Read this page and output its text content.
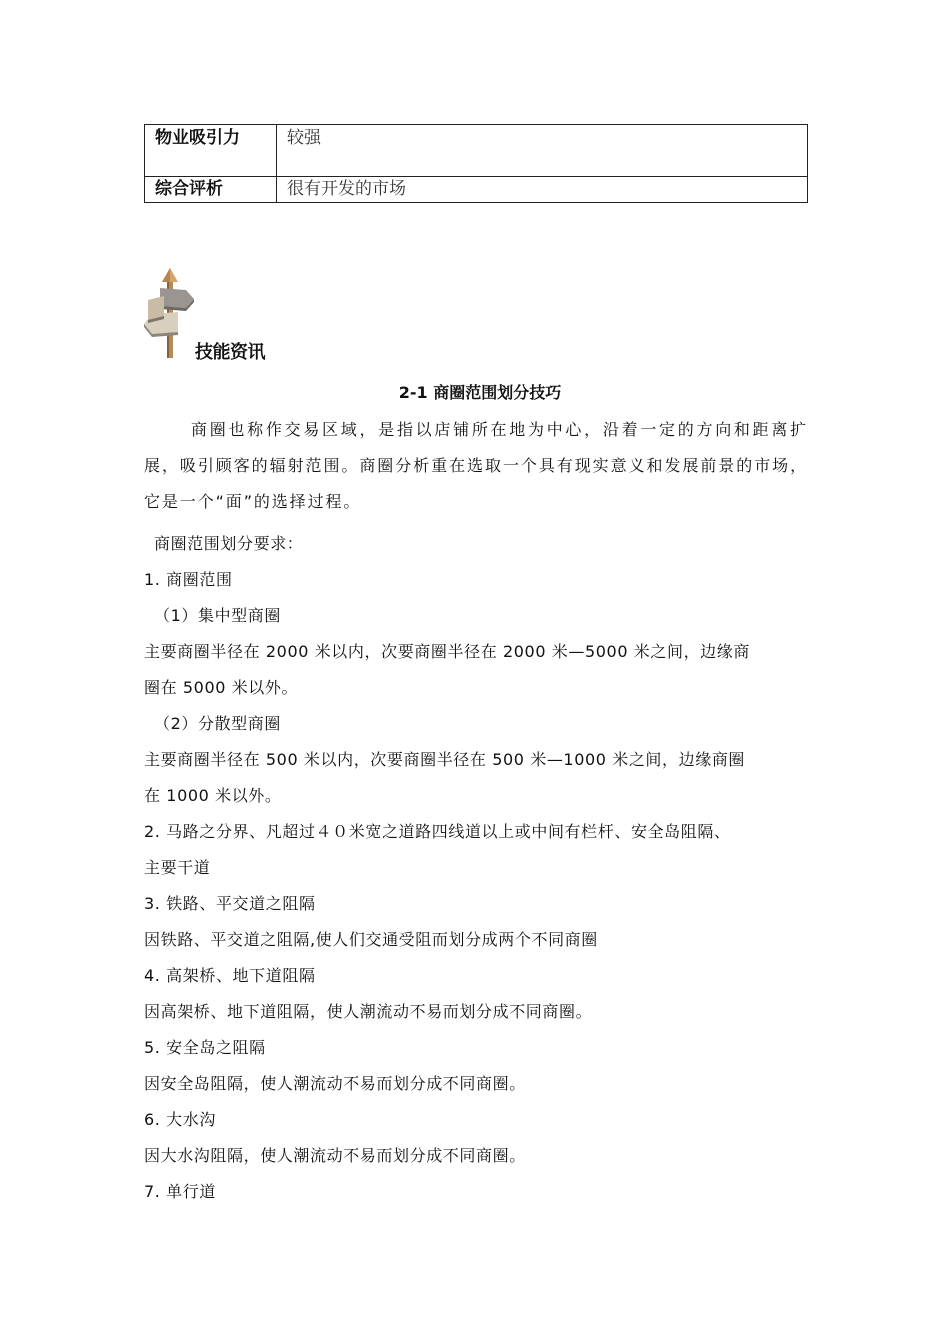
物业吸引力	较强
综合评析	很有开发的市场
技能资讯
2-1 商圈范围划分技巧
商圈也称作交易区域，是指以店铺所在地为中心，沿着一定的方向和距离扩展，吸引顾客的辐射范围。商圈分析重在选取一个具有现实意义和发展前景的市场，它是一个“面”的选择过程。
商圈范围划分要求：
1. 商圈范围
（1）集中型商圈
主要商圈半径在 2000 米以内，次要商圈半径在 2000 米—5000 米之间，边缘商
圈在 5000 米以外。
（2）分散型商圈
主要商圈半径在 500 米以内，次要商圈半径在 500 米—1000 米之间，边缘商圈
在 1000 米以外。
2. 马路之分界、凡超过４０米宽之道路四线道以上或中间有栏杆、安全岛阻隔、
主要干道
3. 铁路、平交道之阻隔
因铁路、平交道之阻隔,使人们交通受阻而划分成两个不同商圈
4. 高架桥、地下道阻隔
因高架桥、地下道阻隔，使人潮流动不易而划分成不同商圈。
5. 安全岛之阻隔
因安全岛阻隔，使人潮流动不易而划分成不同商圈。
6. 大水沟
因大水沟阻隔，使人潮流动不易而划分成不同商圈。
7. 单行道
